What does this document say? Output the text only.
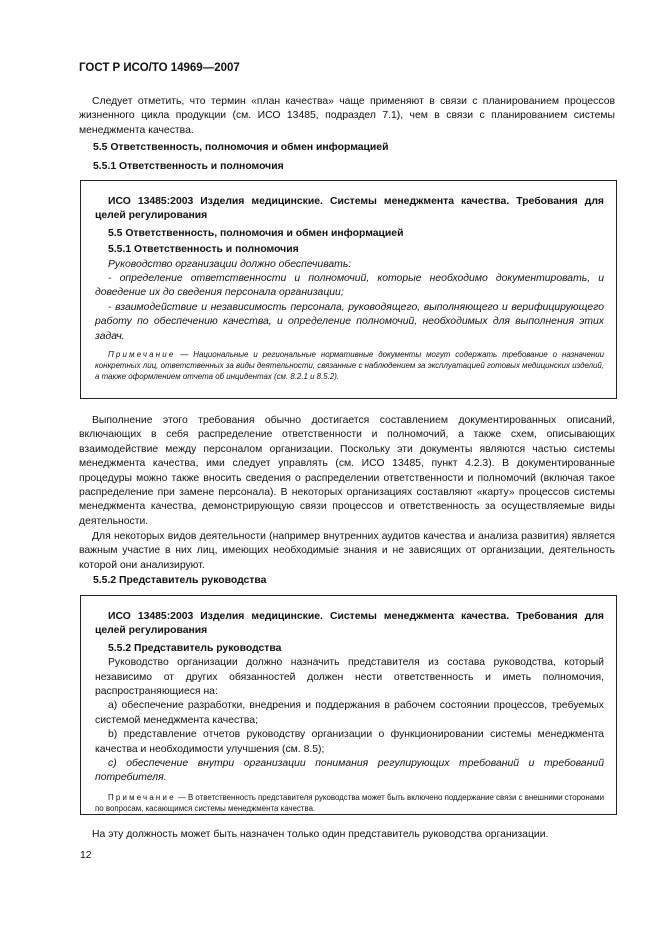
ГОСТ Р ИСО/ТО 14969—2007
Следует отметить, что термин «план качества» чаще применяют в связи с планированием процессов жизненного цикла продукции (см. ИСО 13485, подраздел 7.1), чем в связи с планированием системы менеджмента качества.
5.5 Ответственность, полномочия и обмен информацией
5.5.1 Ответственность и полномочия
ИСО 13485:2003 Изделия медицинские. Системы менеджмента качества. Требования для целей регулирования
5.5 Ответственность, полномочия и обмен информацией
5.5.1 Ответственность и полномочия
Руководство организации должно обеспечивать:
- определение ответственности и полномочий, которые необходимо документировать, и доведение их до сведения персонала организации;
- взаимодействие и независимость персонала, руководящего, выполняющего и верифицирующего работу по обеспечению качества, и определение полномочий, необходимых для выполнения этих задач.
Примечание — Национальные и региональные нормативные документы могут содержать требование о назначении конкретных лиц, ответственных за виды деятельности, связанные с наблюдением за эксплуатацией готовых медицинских изделий, а также оформлением отчета об инцидентах (см. 8.2.1 и 8.5.2).
Выполнение этого требования обычно достигается составлением документированных описаний, включающих в себя распределение ответственности и полномочий, а также схем, описывающих взаимодействие между персоналом организации. Поскольку эти документы являются частью системы менеджмента качества, ими следует управлять (см. ИСО 13485, пункт 4.2.3). В документированные процедуры можно также вносить сведения о распределении ответственности и полномочий (включая такое распределение при замене персонала). В некоторых организациях составляют «карту» процессов системы менеджмента качества, демонстрирующую связи процессов и ответственность за осуществляемые виды деятельности.
Для некоторых видов деятельности (например внутренних аудитов качества и анализа развития) является важным участие в них лиц, имеющих необходимые знания и не зависящих от организации, деятельность которой они анализируют.
5.5.2 Представитель руководства
ИСО 13485:2003 Изделия медицинские. Системы менеджмента качества. Требования для целей регулирования
5.5.2 Представитель руководства
Руководство организации должно назначить представителя из состава руководства, который независимо от других обязанностей должен нести ответственность и иметь полномочия, распространяющиеся на:
a) обеспечение разработки, внедрения и поддержания в рабочем состоянии процессов, требуемых системой менеджмента качества;
b) представление отчетов руководству организации о функционировании системы менеджмента качества и необходимости улучшения (см. 8.5);
c) обеспечение внутри организации понимания регулирующих требований и требований потребителя.
Примечание — В ответственность представителя руководства может быть включено поддержание связи с внешними сторонами по вопросам, касающимся системы менеджмента качества.
На эту должность может быть назначен только один представитель руководства организации.
12
